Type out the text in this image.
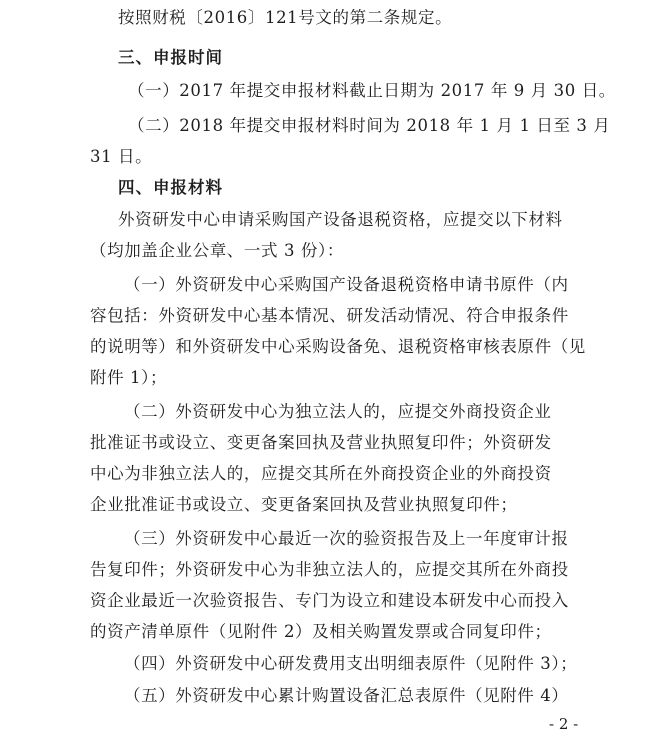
按照财税〔2016〕121号文的第二条规定。
三、申报时间
（一）2017 年提交申报材料截止日期为 2017 年 9 月 30 日。
（二）2018 年提交申报材料时间为 2018 年 1 月 1 日至 3 月
31 日。
四、申报材料
外资研发中心申请采购国产设备退税资格，应提交以下材料
（均加盖企业公章、一式 3 份）：
（一）外资研发中心采购国产设备退税资格申请书原件（内
容包括：外资研发中心基本情况、研发活动情况、符合申报条件
的说明等）和外资研发中心采购设备免、退税资格审核表原件（见
附件 1）；
（二）外资研发中心为独立法人的，应提交外商投资企业
批准证书或设立、变更备案回执及营业执照复印件；外资研发
中心为非独立法人的，应提交其所在外商投资企业的外商投资
企业批准证书或设立、变更备案回执及营业执照复印件；
（三）外资研发中心最近一次的验资报告及上一年度审计报
告复印件；外资研发中心为非独立法人的，应提交其所在外商投
资企业最近一次验资报告、专门为设立和建设本研发中心而投入
的资产清单原件（见附件 2）及相关购置发票或合同复印件；
（四）外资研发中心研发费用支出明细表原件（见附件 3）；
（五）外资研发中心累计购置设备汇总表原件（见附件 4）
- 2 -
